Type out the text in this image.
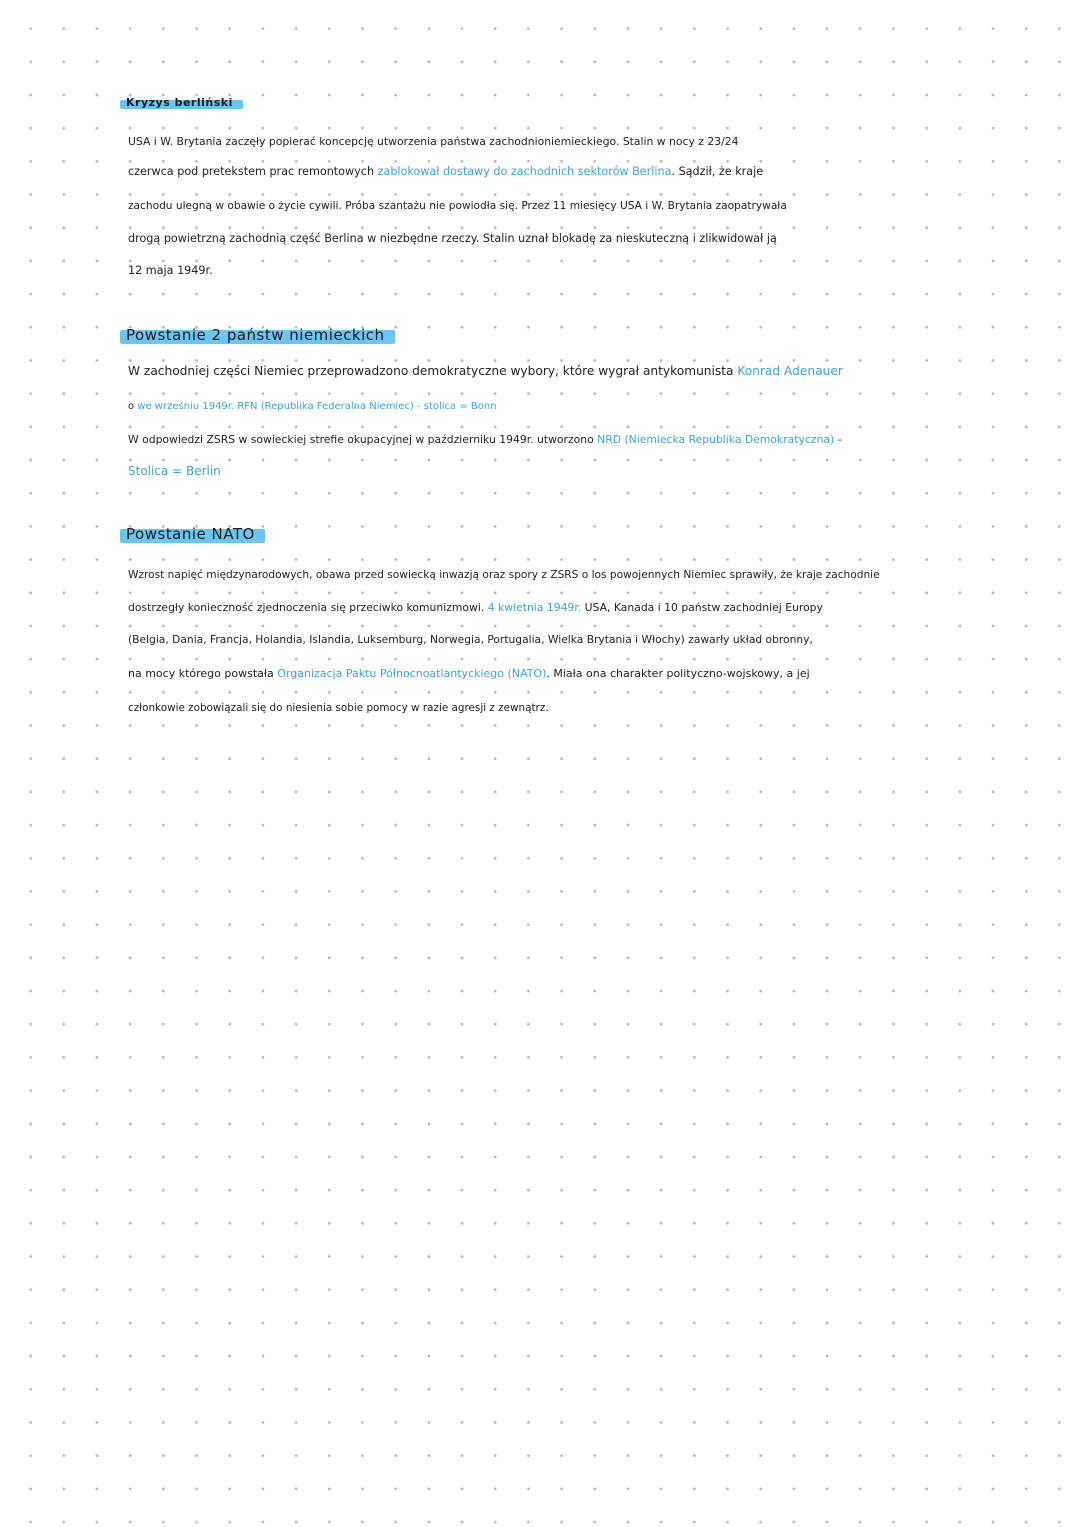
Kryzys berliński
USA i W. Brytania zaczęły popierać koncepcję utworzenia państwa zachodnioniemieckiego. Stalin w nocy z 23/24
czerwca pod pretekstem prac remontowych zablokował dostawy do zachodnich sektorów Berlina. Sądził, że kraje
zachodu ulegną w obawie o życie cywili. Próba szantażu nie powiodła się. Przez 11 miesięcy USA i W. Brytania zaopatrywała
drogą powietrzną zachodnią część Berlina w niezbędne rzeczy. Stalin uznał blokadę za nieskuteczną i zlikwidował ją
12 maja 1949r.
Powstanie 2 państw niemieckich
W zachodniej części Niemiec przeprowadzono demokratyczne wybory, które wygrał antykomunista Konrad Adenauer
o we wrześniu 1949r. RFN (Republika Federalna Niemiec) - stolica = Bonn
W odpowiedzi ZSRS w sowieckiej strefie okupacyjnej w październiku 1949r. utworzono NRD (Niemiecka Republika Demokratyczna) -
Stolica = Berlin
Powstanie NATO
Wzrost napięć międzynarodowych, obawa przed sowiecką inwazją oraz spory z ZSRS o los powojennych Niemiec sprawiły, że kraje zachodnie
dostrzegły konieczność zjednoczenia się przeciwko komunizmowi. 4 kwietnia 1949r. USA, Kanada i 10 państw zachodniej Europy
(Belgia, Dania, Francja, Holandia, Islandia, Luksemburg, Norwegia, Portugalia, Wielka Brytania i Włochy) zawarły układ obronny,
na mocy którego powstała Organizacja Paktu Północnoatlantyckiego (NATO). Miała ona charakter polityczno-wojskowy, a jej
członkowie zobowiązali się do niesienia sobie pomocy w razie agresji z zewnątrz.
